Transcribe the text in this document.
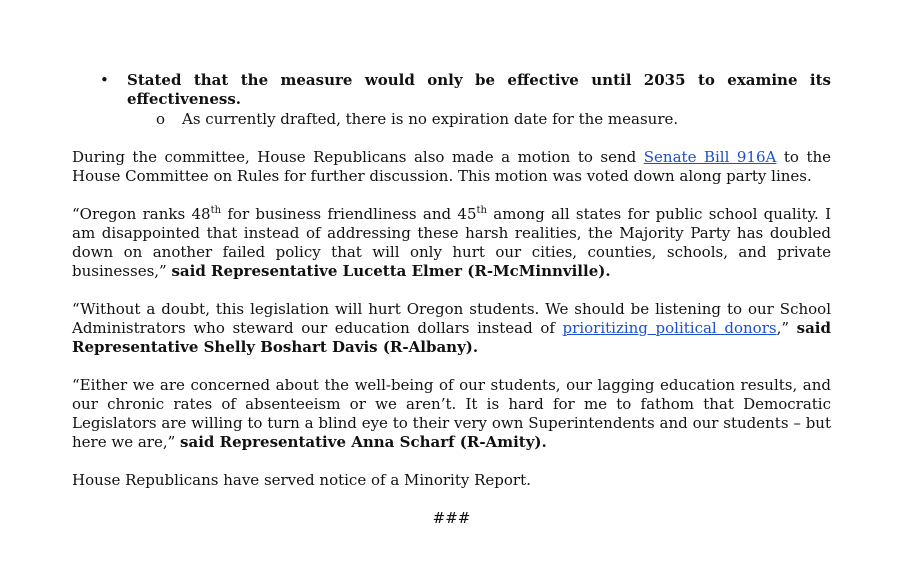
• Stated that the measure would only be effective until 2035 to examine its effectiveness.
o As currently drafted, there is no expiration date for the measure.

During the committee, House Republicans also made a motion to send Senate Bill 916A to the House Committee on Rules for further discussion. This motion was voted down along party lines.

“Oregon ranks 48th for business friendliness and 45th among all states for public school quality. I am disappointed that instead of addressing these harsh realities, the Majority Party has doubled down on another failed policy that will only hurt our cities, counties, schools, and private businesses,” said Representative Lucetta Elmer (R-McMinnville).

“Without a doubt, this legislation will hurt Oregon students. We should be listening to our School Administrators who steward our education dollars instead of prioritizing political donors,” said Representative Shelly Boshart Davis (R-Albany).

“Either we are concerned about the well-being of our students, our lagging education results, and our chronic rates of absenteeism or we aren’t. It is hard for me to fathom that Democratic Legislators are willing to turn a blind eye to their very own Superintendents and our students – but here we are,” said Representative Anna Scharf (R-Amity).

House Republicans have served notice of a Minority Report.

###
